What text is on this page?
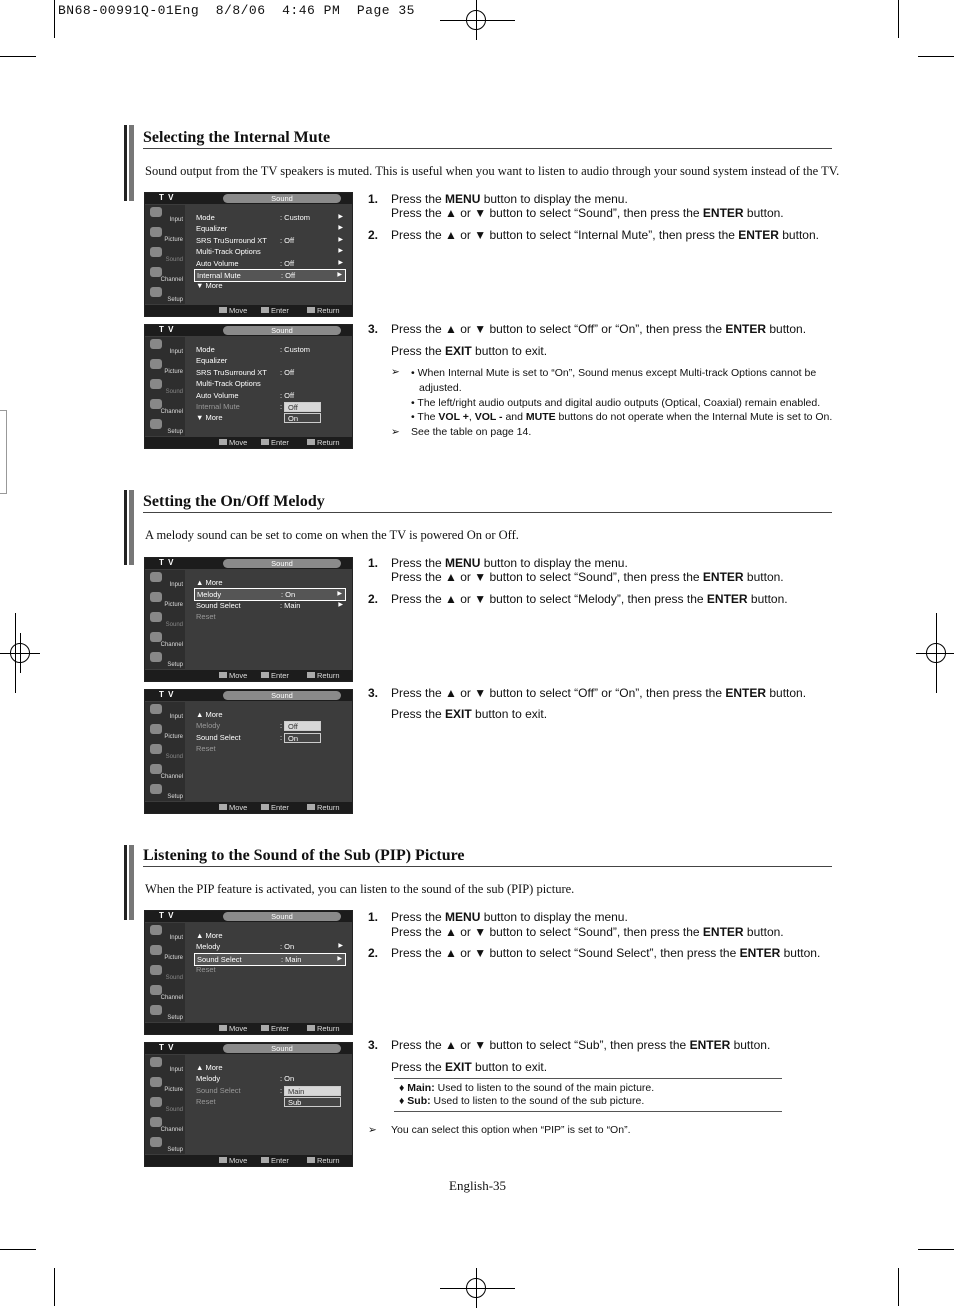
BN68-00991Q-01Eng  8/8/06  4:46 PM  Page 35
Selecting the Internal Mute
Sound output from the TV speakers is muted. This is useful when you want to listen to audio through your sound system instead of the TV.
T V	Sound
Input
Picture
Sound
Channel
Setup
Mode	: Custom	▶
Equalizer	▶
SRS TruSurround XT : Off	▶
Multi-Track Options	▶
Auto Volume	: Off	▶
Internal Mute	: Off	▶
▼ More
Move	Enter	Return
T V	Sound
Input
Picture
Sound
Channel
Setup
Mode	: Custom
Equalizer
SRS TruSurround XT : Off
Multi-Track Options
Auto Volume	: Off
Internal Mute	:
▼ More
Off
On
Move	Enter	Return
1. Press the MENU button to display the menu.
Press the ▲ or ▼ button to select “Sound”, then press the ENTER button.
2. Press the ▲ or ▼ button to select “Internal Mute”, then press the ENTER button.
3. Press the ▲ or ▼ button to select “Off” or “On”, then press the ENTER button.
Press the EXIT button to exit.
➢ • When Internal Mute is set to “On”, Sound menus except Multi-track Options cannot be
adjusted.
• The left/right audio outputs and digital audio outputs (Optical, Coaxial) remain enabled.
• The VOL +, VOL - and MUTE buttons do not operate when the Internal Mute is set to On.
➢ See the table on page 14.
Setting the On/Off Melody
A melody sound can be set to come on when the TV is powered On or Off.
T V	Sound
Input
Picture
Sound
Channel
Setup
▲ More
Melody	: On	▶
Sound Select	: Main	▶
Reset
Move	Enter	Return
T V	Sound
Input
Picture
Sound
Channel
Setup
▲ More
Melody	:
Sound Select	:
Reset
Off
On
Move	Enter	Return
1. Press the MENU button to display the menu.
Press the ▲ or ▼ button to select “Sound”, then press the ENTER button.
2. Press the ▲ or ▼ button to select “Melody”, then press the ENTER button.
3. Press the ▲ or ▼ button to select “Off” or “On”, then press the ENTER button.
Press the EXIT button to exit.
Listening to the Sound of the Sub (PIP) Picture
When the PIP feature is activated, you can listen to the sound of the sub (PIP) picture.
T V	Sound
Input
Picture
Sound
Channel
Setup
▲ More
Melody	: On	▶
Sound Select	: Main	▶
Reset
Move	Enter	Return
T V	Sound
Input
Picture
Sound
Channel
Setup
▲ More
Melody	: On
Sound Select	:
Reset
Main
Sub
Move	Enter	Return
1. Press the MENU button to display the menu.
Press the ▲ or ▼ button to select “Sound”, then press the ENTER button.
2. Press the ▲ or ▼ button to select “Sound Select”, then press the ENTER button.
3. Press the ▲ or ▼ button to select “Sub”, then press the ENTER button.
Press the EXIT button to exit.
♦ Main: Used to listen to the sound of the main picture.
♦ Sub: Used to listen to the sound of the sub picture.
➢ You can select this option when “PIP” is set to “On”.
English-35
